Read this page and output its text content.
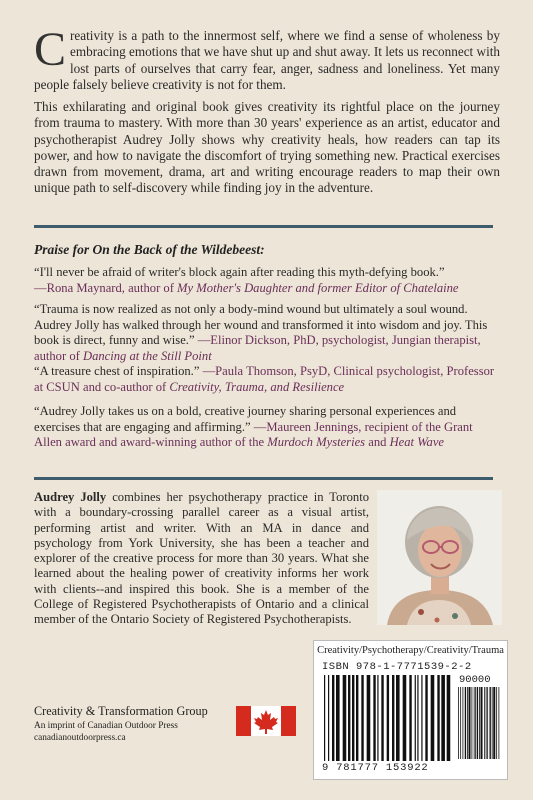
Creativity is a path to the innermost self, where we find a sense of wholeness by embracing emotions that we have shut up and shut away. It lets us reconnect with lost parts of ourselves that carry fear, anger, sadness and loneliness. Yet many people falsely believe creativity is not for them.

This exhilarating and original book gives creativity its rightful place on the journey from trauma to mastery. With more than 30 years' experience as an artist, educator and psychotherapist Audrey Jolly shows why creativity heals, how readers can tap its power, and how to navigate the discomfort of trying something new. Practical exercises drawn from movement, drama, art and writing encourage readers to map their own unique path to self-discovery while finding joy in the adventure.

Praise for On the Back of the Wildebeest:

“I'll never be afraid of writer's block again after reading this myth-defying book.”
—Rona Maynard, author of My Mother's Daughter and former Editor of Chatelaine

“Trauma is now realized as not only a body-mind wound but ultimately a soul wound. Audrey Jolly has walked through her wound and transformed it into wisdom and joy. This book is direct, funny and wise.” —Elinor Dickson, PhD, psychologist, Jungian therapist, author of Dancing at the Still Point

“A treasure chest of inspiration.” —Paula Thomson, PsyD, Clinical psychologist, Professor at CSUN and co-author of Creativity, Trauma, and Resilience

“Audrey Jolly takes us on a bold, creative journey sharing personal experiences and exercises that are engaging and affirming.” —Maureen Jennings, recipient of the Grant Allen award and award-winning author of the Murdoch Mysteries and Heat Wave

Audrey Jolly combines her psychotherapy practice in Toronto with a boundary-crossing parallel career as a visual artist, performing artist and writer. With an MA in dance and psychology from York University, she has been a teacher and explorer of the creative process for more than 30 years. What she learned about the healing power of creativity informs her work with clients--and inspired this book. She is a member of the College of Registered Psychotherapists of Ontario and a clinical member of the Ontario Society of Registered Psychotherapists.

Creativity/Psychotherapy/Creativity/Trauma
ISBN 978-1-7771539-2-2
90000
9 781777 153922
Creativity & Transformation Group
An imprint of Canadian Outdoor Press
canadianoutdoorpress.ca
